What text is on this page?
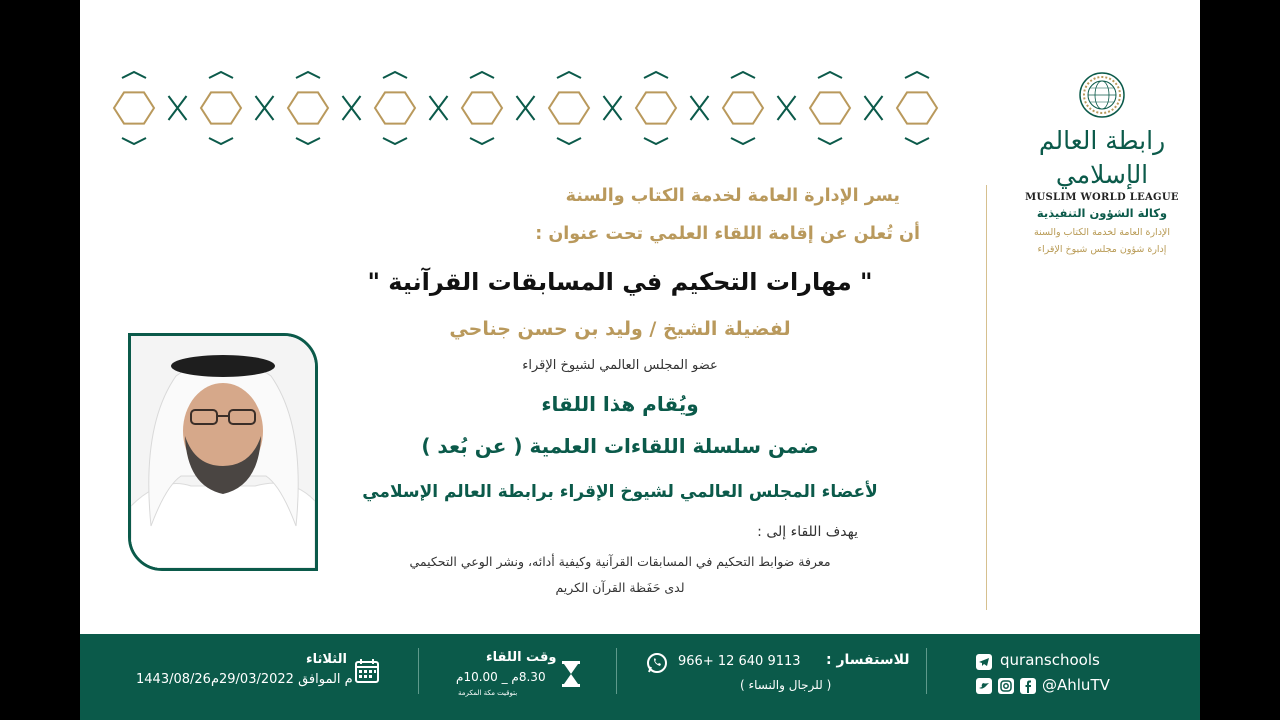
رابطة العالم الإسلامي
MUSLIM WORLD LEAGUE
وكالة الشؤون التنفيذية
الإدارة العامة لخدمة الكتاب والسنة
إدارة شؤون مجلس شيوخ الإقراء
يسر الإدارة العامة لخدمة الكتاب والسنة
أن تُعلن عن إقامة اللقاء العلمي تحت عنوان :
" مهارات التحكيم في المسابقات القرآنية "
لفضيلة الشيخ / وليد بن حسن جناحي
عضو المجلس العالمي لشيوخ الإقراء
ويُقام هذا اللقاء
ضمن سلسلة اللقاءات العلمية ( عن بُعد )
لأعضاء المجلس العالمي لشيوخ الإقراء برابطة العالم الإسلامي
يهدف اللقاء إلى :
معرفة ضوابط التحكيم في المسابقات القرآنية وكيفية أدائه، ونشر الوعي التحكيمي
لدى حَفَظة القرآن الكريم
quranschools
@AhluTV
للاستفسار :
966+ 12 640 9113
( للرجال والنساء )
وقت اللقاء
8.30م _ 10.00م
بتوقيت مكة المكرمة
الثلاثاء
1443/08/26م الموافق 29/03/2022م
